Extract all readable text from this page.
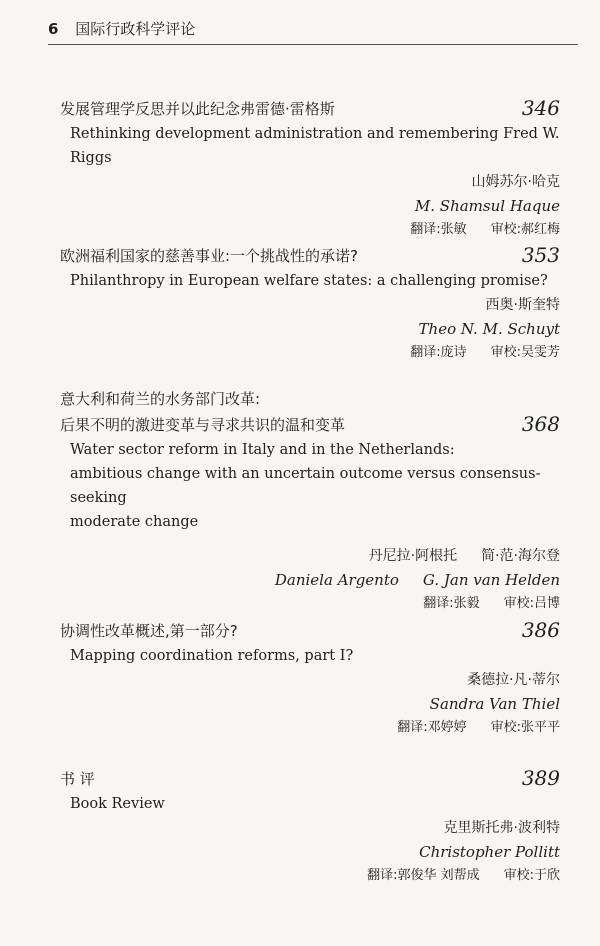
6 国际行政科学评论
发展管理学反思并以此纪念弗雷德·雷格斯	346
Rethinking development administration and remembering Fred W. Riggs
山姆苏尔·哈克
M. Shamsul Haque
翻译:张敏 审校:郝红梅
欧洲福利国家的慈善事业:一个挑战性的承诺?	353
Philanthropy in European welfare states: a challenging promise?
西奥·斯奎特
Theo N. M. Schuyt
翻译:庞诗 审校:吴雯芳
意大利和荷兰的水务部门改革:
后果不明的激进变革与寻求共识的温和变革	368
Water sector reform in Italy and in the Netherlands:
ambitious change with an uncertain outcome versus consensus-seeking
moderate change
丹尼拉·阿根托 简·范·海尔登
Daniela Argento G. Jan van Helden
翻译:张毅 审校:吕博
协调性改革概述,第一部分?	386
Mapping coordination reforms, part Ⅰ?
桑德拉·凡·蒂尔
Sandra Van Thiel
翻译:邓婷婷 审校:张平平
书 评	389
Book Review
克里斯托弗·波利特
Christopher Pollitt
翻译:郭俊华 刘帮成 审校:于欣
